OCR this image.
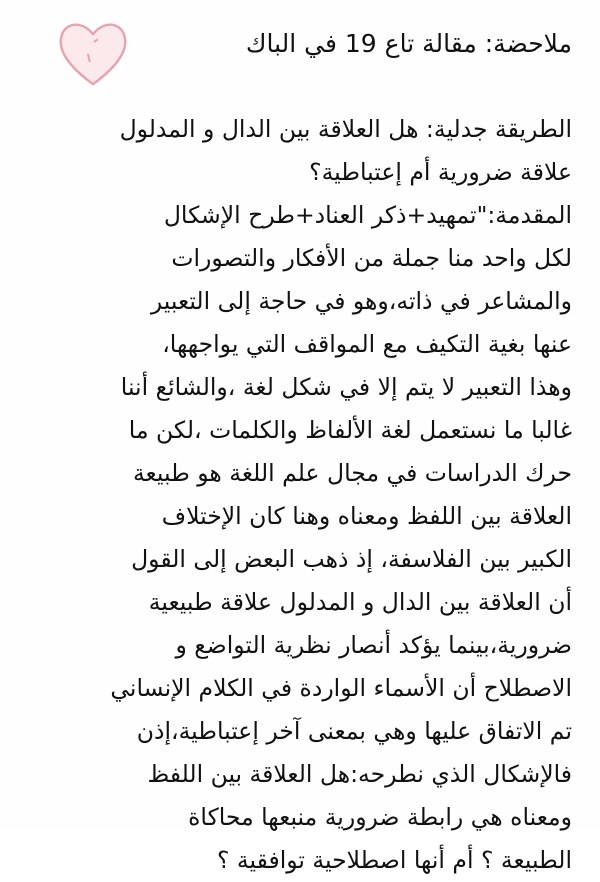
ملاحضة: مقالة تاع 19 في الباك
الطريقة جدلية: هل العلاقة بين الدال و المدلول
علاقة ضرورية أم إعتباطية؟
المقدمة:"تمهيد+ذكر العناد+طرح الإشكال
لكل واحد منا جملة من الأفكار والتصورات
والمشاعر في ذاته،وهو في حاجة إلى التعبير
عنها بغية التكيف مع المواقف التي يواجهها،
وهذا التعبير لا يتم إلا في شكل لغة ،والشائع أننا
غالبا ما نستعمل لغة الألفاظ والكلمات ،لكن ما
حرك الدراسات في مجال علم اللغة هو طبيعة
العلاقة بين اللفظ ومعناه وهنا كان الإختلاف
الكبير بين الفلاسفة، إذ ذهب البعض إلى القول
أن العلاقة بين الدال و المدلول علاقة طبيعية
ضرورية،بينما يؤكد أنصار نظرية التواضع و
الاصطلاح أن الأسماء الواردة في الكلام الإنساني
تم الاتفاق عليها وهي بمعنى آخر إعتباطية،إذن
فالإشكال الذي نطرحه:هل العلاقة بين اللفظ
ومعناه هي رابطة ضرورية منبعها محاكاة
الطبيعة ؟ أم أنها اصطلاحية توافقية ؟
